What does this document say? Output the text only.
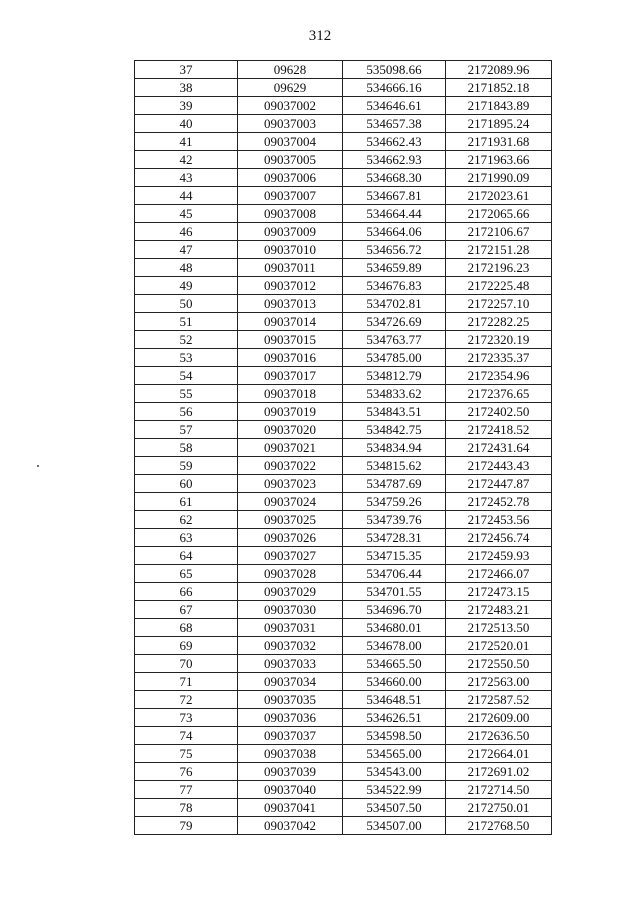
312
37	09628	535098.66	2172089.96
38	09629	534666.16	2171852.18
39	09037002	534646.61	2171843.89
40	09037003	534657.38	2171895.24
41	09037004	534662.43	2171931.68
42	09037005	534662.93	2171963.66
43	09037006	534668.30	2171990.09
44	09037007	534667.81	2172023.61
45	09037008	534664.44	2172065.66
46	09037009	534664.06	2172106.67
47	09037010	534656.72	2172151.28
48	09037011	534659.89	2172196.23
49	09037012	534676.83	2172225.48
50	09037013	534702.81	2172257.10
51	09037014	534726.69	2172282.25
52	09037015	534763.77	2172320.19
53	09037016	534785.00	2172335.37
54	09037017	534812.79	2172354.96
55	09037018	534833.62	2172376.65
56	09037019	534843.51	2172402.50
57	09037020	534842.75	2172418.52
58	09037021	534834.94	2172431.64
59	09037022	534815.62	2172443.43
60	09037023	534787.69	2172447.87
61	09037024	534759.26	2172452.78
62	09037025	534739.76	2172453.56
63	09037026	534728.31	2172456.74
64	09037027	534715.35	2172459.93
65	09037028	534706.44	2172466.07
66	09037029	534701.55	2172473.15
67	09037030	534696.70	2172483.21
68	09037031	534680.01	2172513.50
69	09037032	534678.00	2172520.01
70	09037033	534665.50	2172550.50
71	09037034	534660.00	2172563.00
72	09037035	534648.51	2172587.52
73	09037036	534626.51	2172609.00
74	09037037	534598.50	2172636.50
75	09037038	534565.00	2172664.01
76	09037039	534543.00	2172691.02
77	09037040	534522.99	2172714.50
78	09037041	534507.50	2172750.01
79	09037042	534507.00	2172768.50
